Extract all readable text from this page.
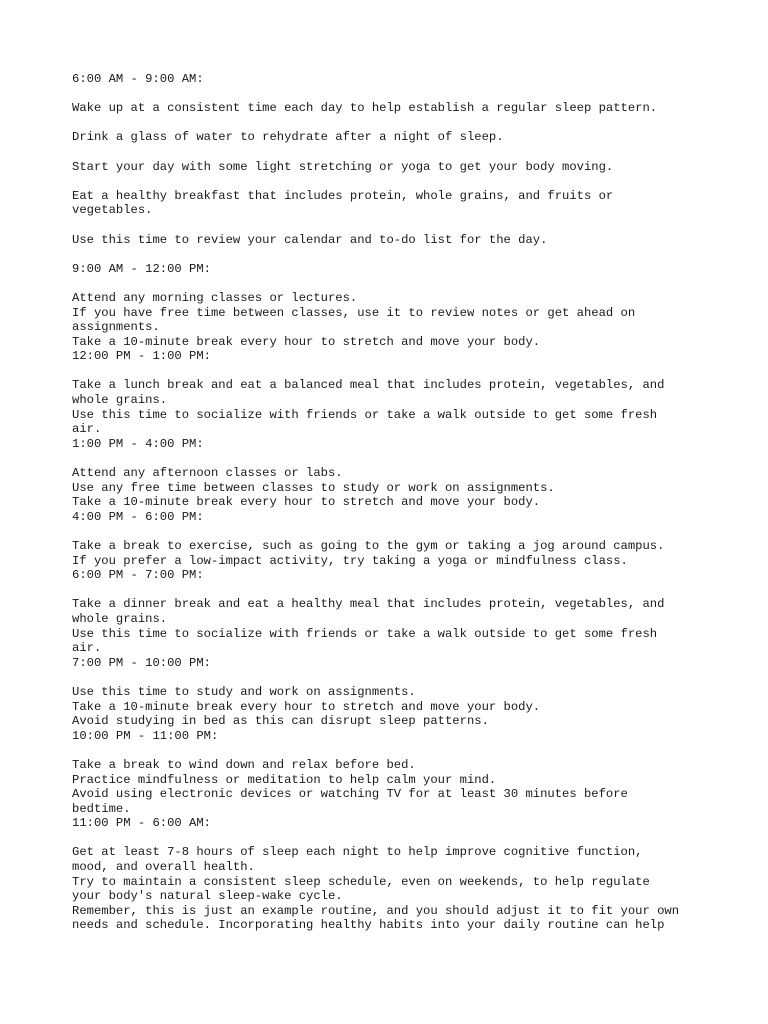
6:00 AM - 9:00 AM:
Wake up at a consistent time each day to help establish a regular sleep pattern.
Drink a glass of water to rehydrate after a night of sleep.
Start your day with some light stretching or yoga to get your body moving.
Eat a healthy breakfast that includes protein, whole grains, and fruits or
vegetables.
Use this time to review your calendar and to-do list for the day.
9:00 AM - 12:00 PM:
Attend any morning classes or lectures.
If you have free time between classes, use it to review notes or get ahead on
assignments.
Take a 10-minute break every hour to stretch and move your body.
12:00 PM - 1:00 PM:
Take a lunch break and eat a balanced meal that includes protein, vegetables, and
whole grains.
Use this time to socialize with friends or take a walk outside to get some fresh
air.
1:00 PM - 4:00 PM:
Attend any afternoon classes or labs.
Use any free time between classes to study or work on assignments.
Take a 10-minute break every hour to stretch and move your body.
4:00 PM - 6:00 PM:
Take a break to exercise, such as going to the gym or taking a jog around campus.
If you prefer a low-impact activity, try taking a yoga or mindfulness class.
6:00 PM - 7:00 PM:
Take a dinner break and eat a healthy meal that includes protein, vegetables, and
whole grains.
Use this time to socialize with friends or take a walk outside to get some fresh
air.
7:00 PM - 10:00 PM:
Use this time to study and work on assignments.
Take a 10-minute break every hour to stretch and move your body.
Avoid studying in bed as this can disrupt sleep patterns.
10:00 PM - 11:00 PM:
Take a break to wind down and relax before bed.
Practice mindfulness or meditation to help calm your mind.
Avoid using electronic devices or watching TV for at least 30 minutes before
bedtime.
11:00 PM - 6:00 AM:
Get at least 7-8 hours of sleep each night to help improve cognitive function,
mood, and overall health.
Try to maintain a consistent sleep schedule, even on weekends, to help regulate
your body's natural sleep-wake cycle.
Remember, this is just an example routine, and you should adjust it to fit your own
needs and schedule. Incorporating healthy habits into your daily routine can help
